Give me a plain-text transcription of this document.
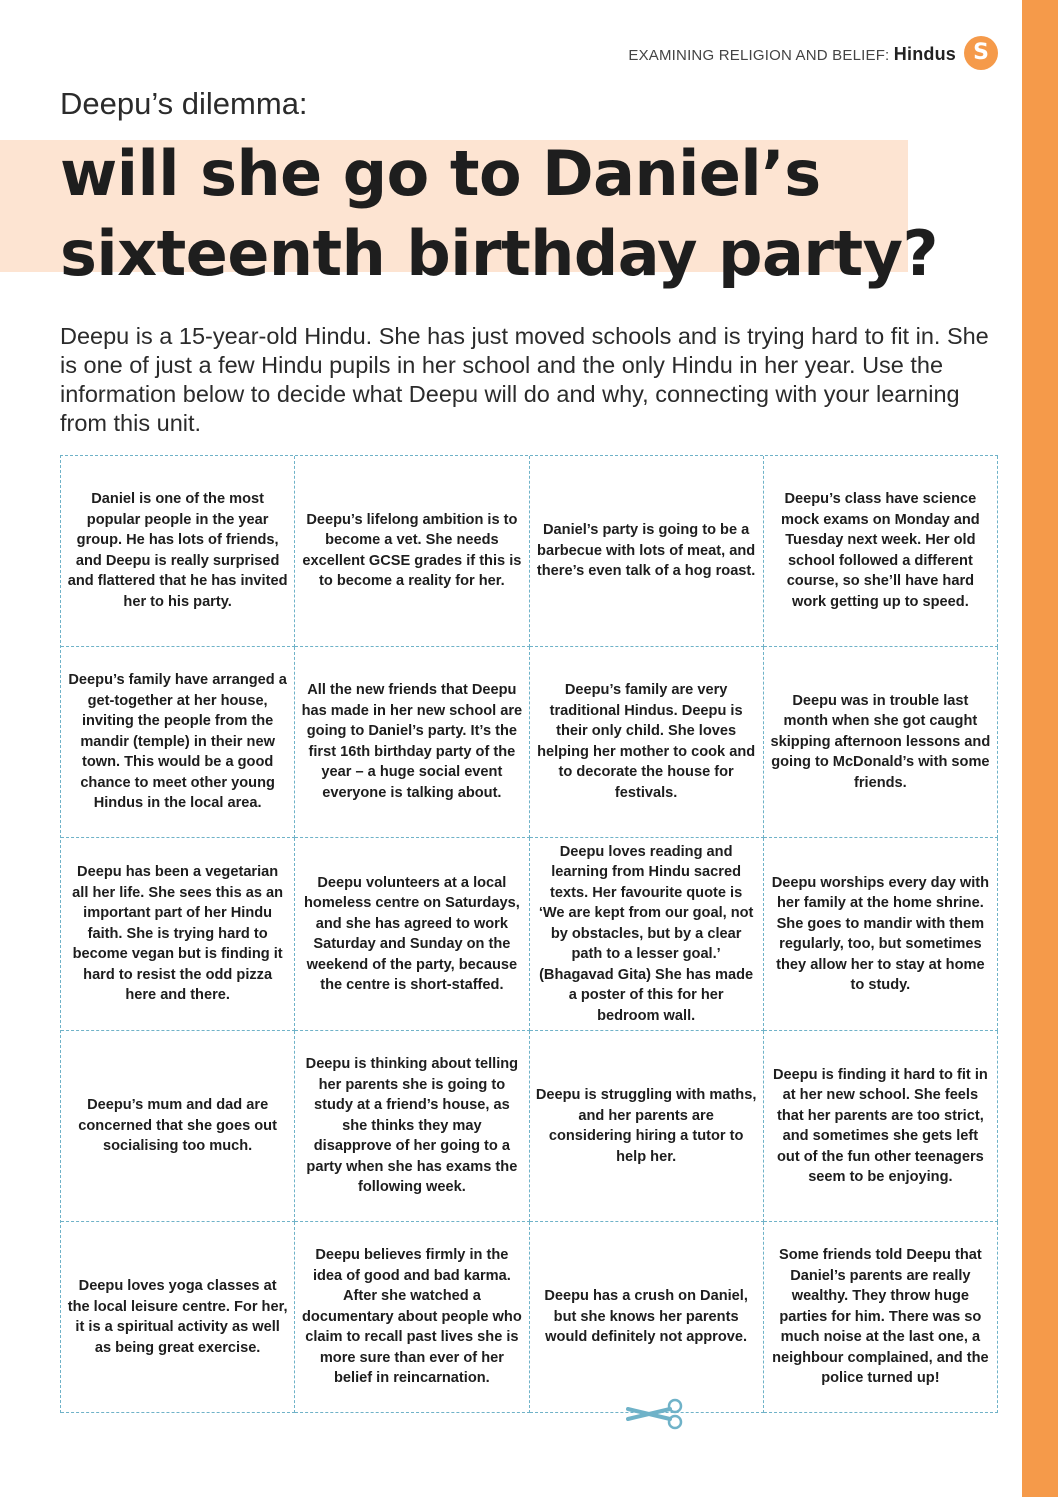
EXAMINING RELIGION AND BELIEF: Hindus S
Deepu’s dilemma:
will she go to Daniel’s sixteenth birthday party?

Deepu is a 15-year-old Hindu. She has just moved schools and is trying hard to fit in. She is one of just a few Hindu pupils in her school and the only Hindu in her year. Use the information below to decide what Deepu will do and why, connecting with your learning from this unit.

Daniel is one of the most popular people in the year group. He has lots of friends, and Deepu is really surprised and flattered that he has invited her to his party.
Deepu’s lifelong ambition is to become a vet. She needs excellent GCSE grades if this is to become a reality for her.
Daniel’s party is going to be a barbecue with lots of meat, and there’s even talk of a hog roast.
Deepu’s class have science mock exams on Monday and Tuesday next week. Her old school followed a different course, so she’ll have hard work getting up to speed.
Deepu’s family have arranged a get-together at her house, inviting the people from the mandir (temple) in their new town. This would be a good chance to meet other young Hindus in the local area.
All the new friends that Deepu has made in her new school are going to Daniel’s party. It’s the first 16th birthday party of the year – a huge social event everyone is talking about.
Deepu’s family are very traditional Hindus. Deepu is their only child. She loves helping her mother to cook and to decorate the house for festivals.
Deepu was in trouble last month when she got caught skipping afternoon lessons and going to McDonald’s with some friends.
Deepu has been a vegetarian all her life. She sees this as an important part of her Hindu faith. She is trying hard to become vegan but is finding it hard to resist the odd pizza here and there.
Deepu volunteers at a local homeless centre on Saturdays, and she has agreed to work Saturday and Sunday on the weekend of the party, because the centre is short-staffed.
Deepu loves reading and learning from Hindu sacred texts. Her favourite quote is ‘We are kept from our goal, not by obstacles, but by a clear path to a lesser goal.’ (Bhagavad Gita) She has made a poster of this for her bedroom wall.
Deepu worships every day with her family at the home shrine. She goes to mandir with them regularly, too, but sometimes they allow her to stay at home to study.
Deepu’s mum and dad are concerned that she goes out socialising too much.
Deepu is thinking about telling her parents she is going to study at a friend’s house, as she thinks they may disapprove of her going to a party when she has exams the following week.
Deepu is struggling with maths, and her parents are considering hiring a tutor to help her.
Deepu is finding it hard to fit in at her new school. She feels that her parents are too strict, and sometimes she gets left out of the fun other teenagers seem to be enjoying.
Deepu loves yoga classes at the local leisure centre. For her, it is a spiritual activity as well as being great exercise.
Deepu believes firmly in the idea of good and bad karma. After she watched a documentary about people who claim to recall past lives she is more sure than ever of her belief in reincarnation.
Deepu has a crush on Daniel, but she knows her parents would definitely not approve.
Some friends told Deepu that Daniel’s parents are really wealthy. They throw huge parties for him. There was so much noise at the last one, a neighbour complained, and the police turned up!
